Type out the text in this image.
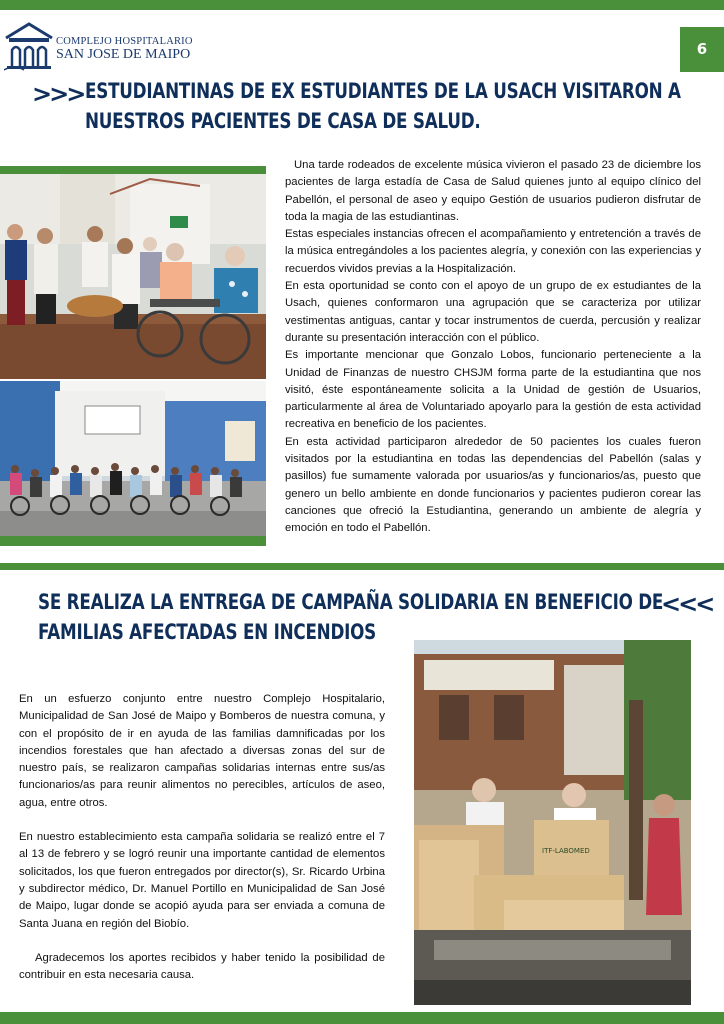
COMPLEJO HOSPITALARIO
SAN JOSE DE MAIPO	6
>>> ESTUDIANTINAS DE EX ESTUDIANTES DE LA USACH VISITARON A
NUESTROS PACIENTES DE CASA DE SALUD.

Una tarde rodeados de excelente música vivieron el pasado 23 de diciembre los pacientes de larga estadía de Casa de Salud quienes junto al equipo clínico del Pabellón, el personal de aseo y equipo Gestión de usuarios pudieron disfrutar de toda la magia de las estudiantinas.

Estas especiales instancias ofrecen el acompañamiento y entretención a través de la música entregándoles a los pacientes alegría, y conexión con las experiencias y recuerdos vividos previas a la Hospitalización.

En esta oportunidad se conto con el apoyo de un grupo de ex estudiantes de la Usach, quienes conformaron una agrupación que se caracteriza por utilizar vestimentas antiguas, cantar y tocar instrumentos de cuerda, percusión y realizar durante su presentación interacción con el público.

Es importante mencionar que Gonzalo Lobos, funcionario perteneciente a la Unidad de Finanzas de nuestro CHSJM forma parte de la estudiantina que nos visitó, éste espontáneamente solicita a la Unidad de gestión de Usuarios, particularmente al área de Voluntariado apoyarlo para la gestión de esta actividad recreativa en beneficio de los pacientes.

En esta actividad participaron alrededor de 50 pacientes los cuales fueron visitados por la estudiantina en todas las dependencias del Pabellón (salas y pasillos) fue sumamente valorada por usuarios/as y funcionarios/as, puesto que genero un bello ambiente en donde funcionarios y pacientes pudieron corear las canciones que ofreció la Estudiantina, generando un ambiente de alegría y emoción en todo el Pabellón.

SE REALIZA LA ENTREGA DE CAMPAÑA SOLIDARIA EN BENEFICIO DE
FAMILIAS AFECTADAS EN INCENDIOS
<<<

En un esfuerzo conjunto entre nuestro Complejo Hospitalario, Municipalidad de San José de Maipo y Bomberos de nuestra comuna, y con el propósito de ir en ayuda de las familias damnificadas por los incendios forestales que han afectado a diversas zonas del sur de nuestro país, se realizaron campañas solidarias internas entre sus/as funcionarios/as para reunir alimentos no perecibles, artículos de aseo, agua, entre otros.

En nuestro establecimiento esta campaña solidaria se realizó entre el 7 al 13 de febrero y se logró reunir una importante cantidad de elementos solicitados, los que fueron entregados por director(s), Sr. Ricardo Urbina y subdirector médico, Dr. Manuel Portillo en Municipalidad de San José de Maipo, lugar donde se acopió ayuda para ser enviada a comuna de Santa Juana en región del Biobío.

Agradecemos los aportes recibidos y haber tenido la posibilidad de contribuir en esta necesaria causa.

ITF-LABOMED
